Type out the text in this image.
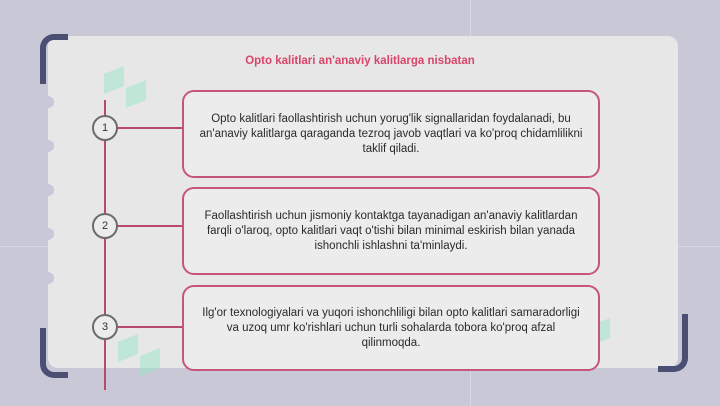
Opto kalitlari an'anaviy kalitlarga nisbatan
1
Opto kalitlari faollashtirish uchun yorug'lik signallaridan foydalanadi, bu an'anaviy kalitlarga qaraganda tezroq javob vaqtlari va ko'proq chidamlilikni taklif qiladi.
2
Faollashtirish uchun jismoniy kontaktga tayanadigan an'anaviy kalitlardan farqli o'laroq, opto kalitlari vaqt o'tishi bilan minimal eskirish bilan yanada ishonchli ishlashni ta'minlaydi.
3
Ilg'or texnologiyalari va yuqori ishonchliligi bilan opto kalitlari samaradorligi va uzoq umr ko'rishlari uchun turli sohalarda tobora ko'proq afzal qilinmoqda.
